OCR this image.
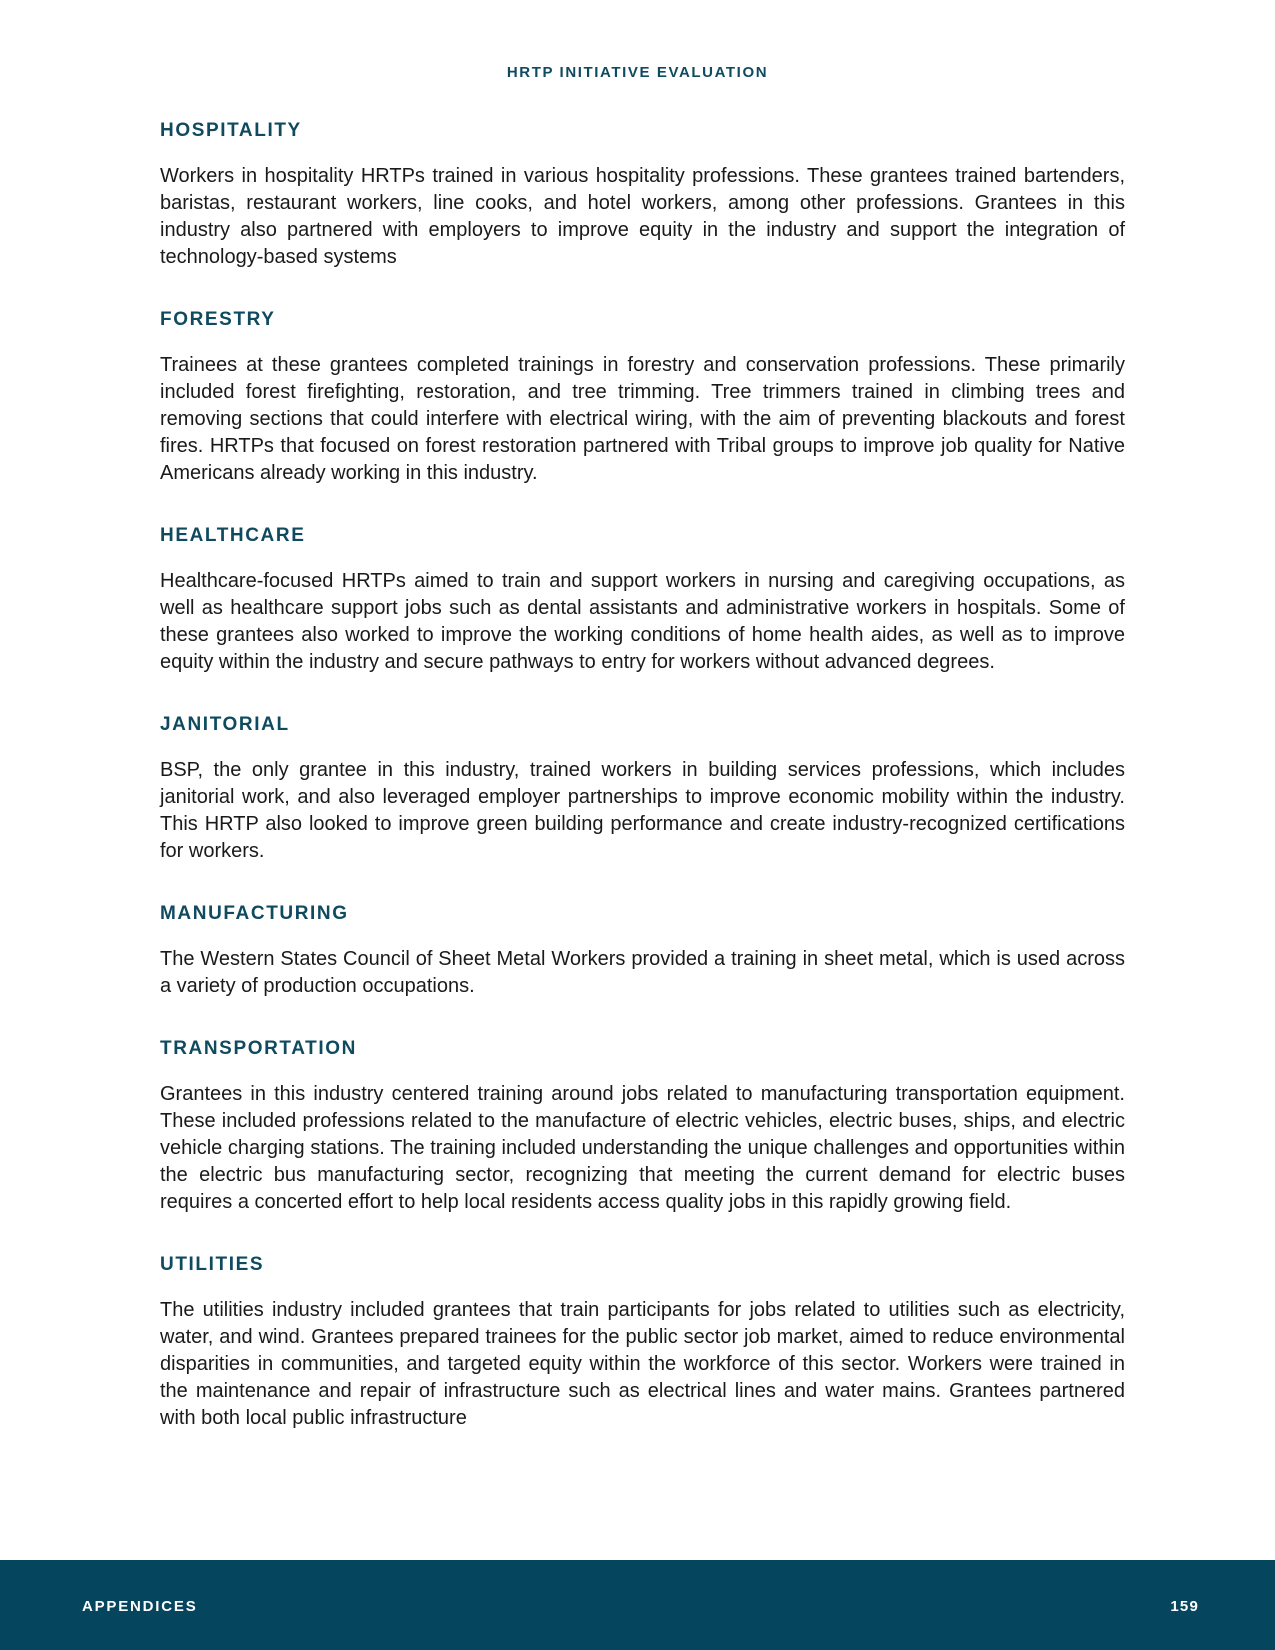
HRTP INITIATIVE EVALUATION
HOSPITALITY

Workers in hospitality HRTPs trained in various hospitality professions. These grantees trained bartenders, baristas, restaurant workers, line cooks, and hotel workers, among other professions. Grantees in this industry also partnered with employers to improve equity in the industry and support the integration of technology-based systems

FORESTRY

Trainees at these grantees completed trainings in forestry and conservation professions. These primarily included forest firefighting, restoration, and tree trimming. Tree trimmers trained in climbing trees and removing sections that could interfere with electrical wiring, with the aim of preventing blackouts and forest fires. HRTPs that focused on forest restoration partnered with Tribal groups to improve job quality for Native Americans already working in this industry.

HEALTHCARE

Healthcare-focused HRTPs aimed to train and support workers in nursing and caregiving occupations, as well as healthcare support jobs such as dental assistants and administrative workers in hospitals. Some of these grantees also worked to improve the working conditions of home health aides, as well as to improve equity within the industry and secure pathways to entry for workers without advanced degrees.

JANITORIAL

BSP, the only grantee in this industry, trained workers in building services professions, which includes janitorial work, and also leveraged employer partnerships to improve economic mobility within the industry. This HRTP also looked to improve green building performance and create industry-recognized certifications for workers.

MANUFACTURING

The Western States Council of Sheet Metal Workers provided a training in sheet metal, which is used across a variety of production occupations.

TRANSPORTATION

Grantees in this industry centered training around jobs related to manufacturing transportation equipment. These included professions related to the manufacture of electric vehicles, electric buses, ships, and electric vehicle charging stations. The training included understanding the unique challenges and opportunities within the electric bus manufacturing sector, recognizing that meeting the current demand for electric buses requires a concerted effort to help local residents access quality jobs in this rapidly growing field.

UTILITIES

The utilities industry included grantees that train participants for jobs related to utilities such as electricity, water, and wind. Grantees prepared trainees for the public sector job market, aimed to reduce environmental disparities in communities, and targeted equity within the workforce of this sector. Workers were trained in the maintenance and repair of infrastructure such as electrical lines and water mains. Grantees partnered with both local public infrastructure

APPENDICES	159
